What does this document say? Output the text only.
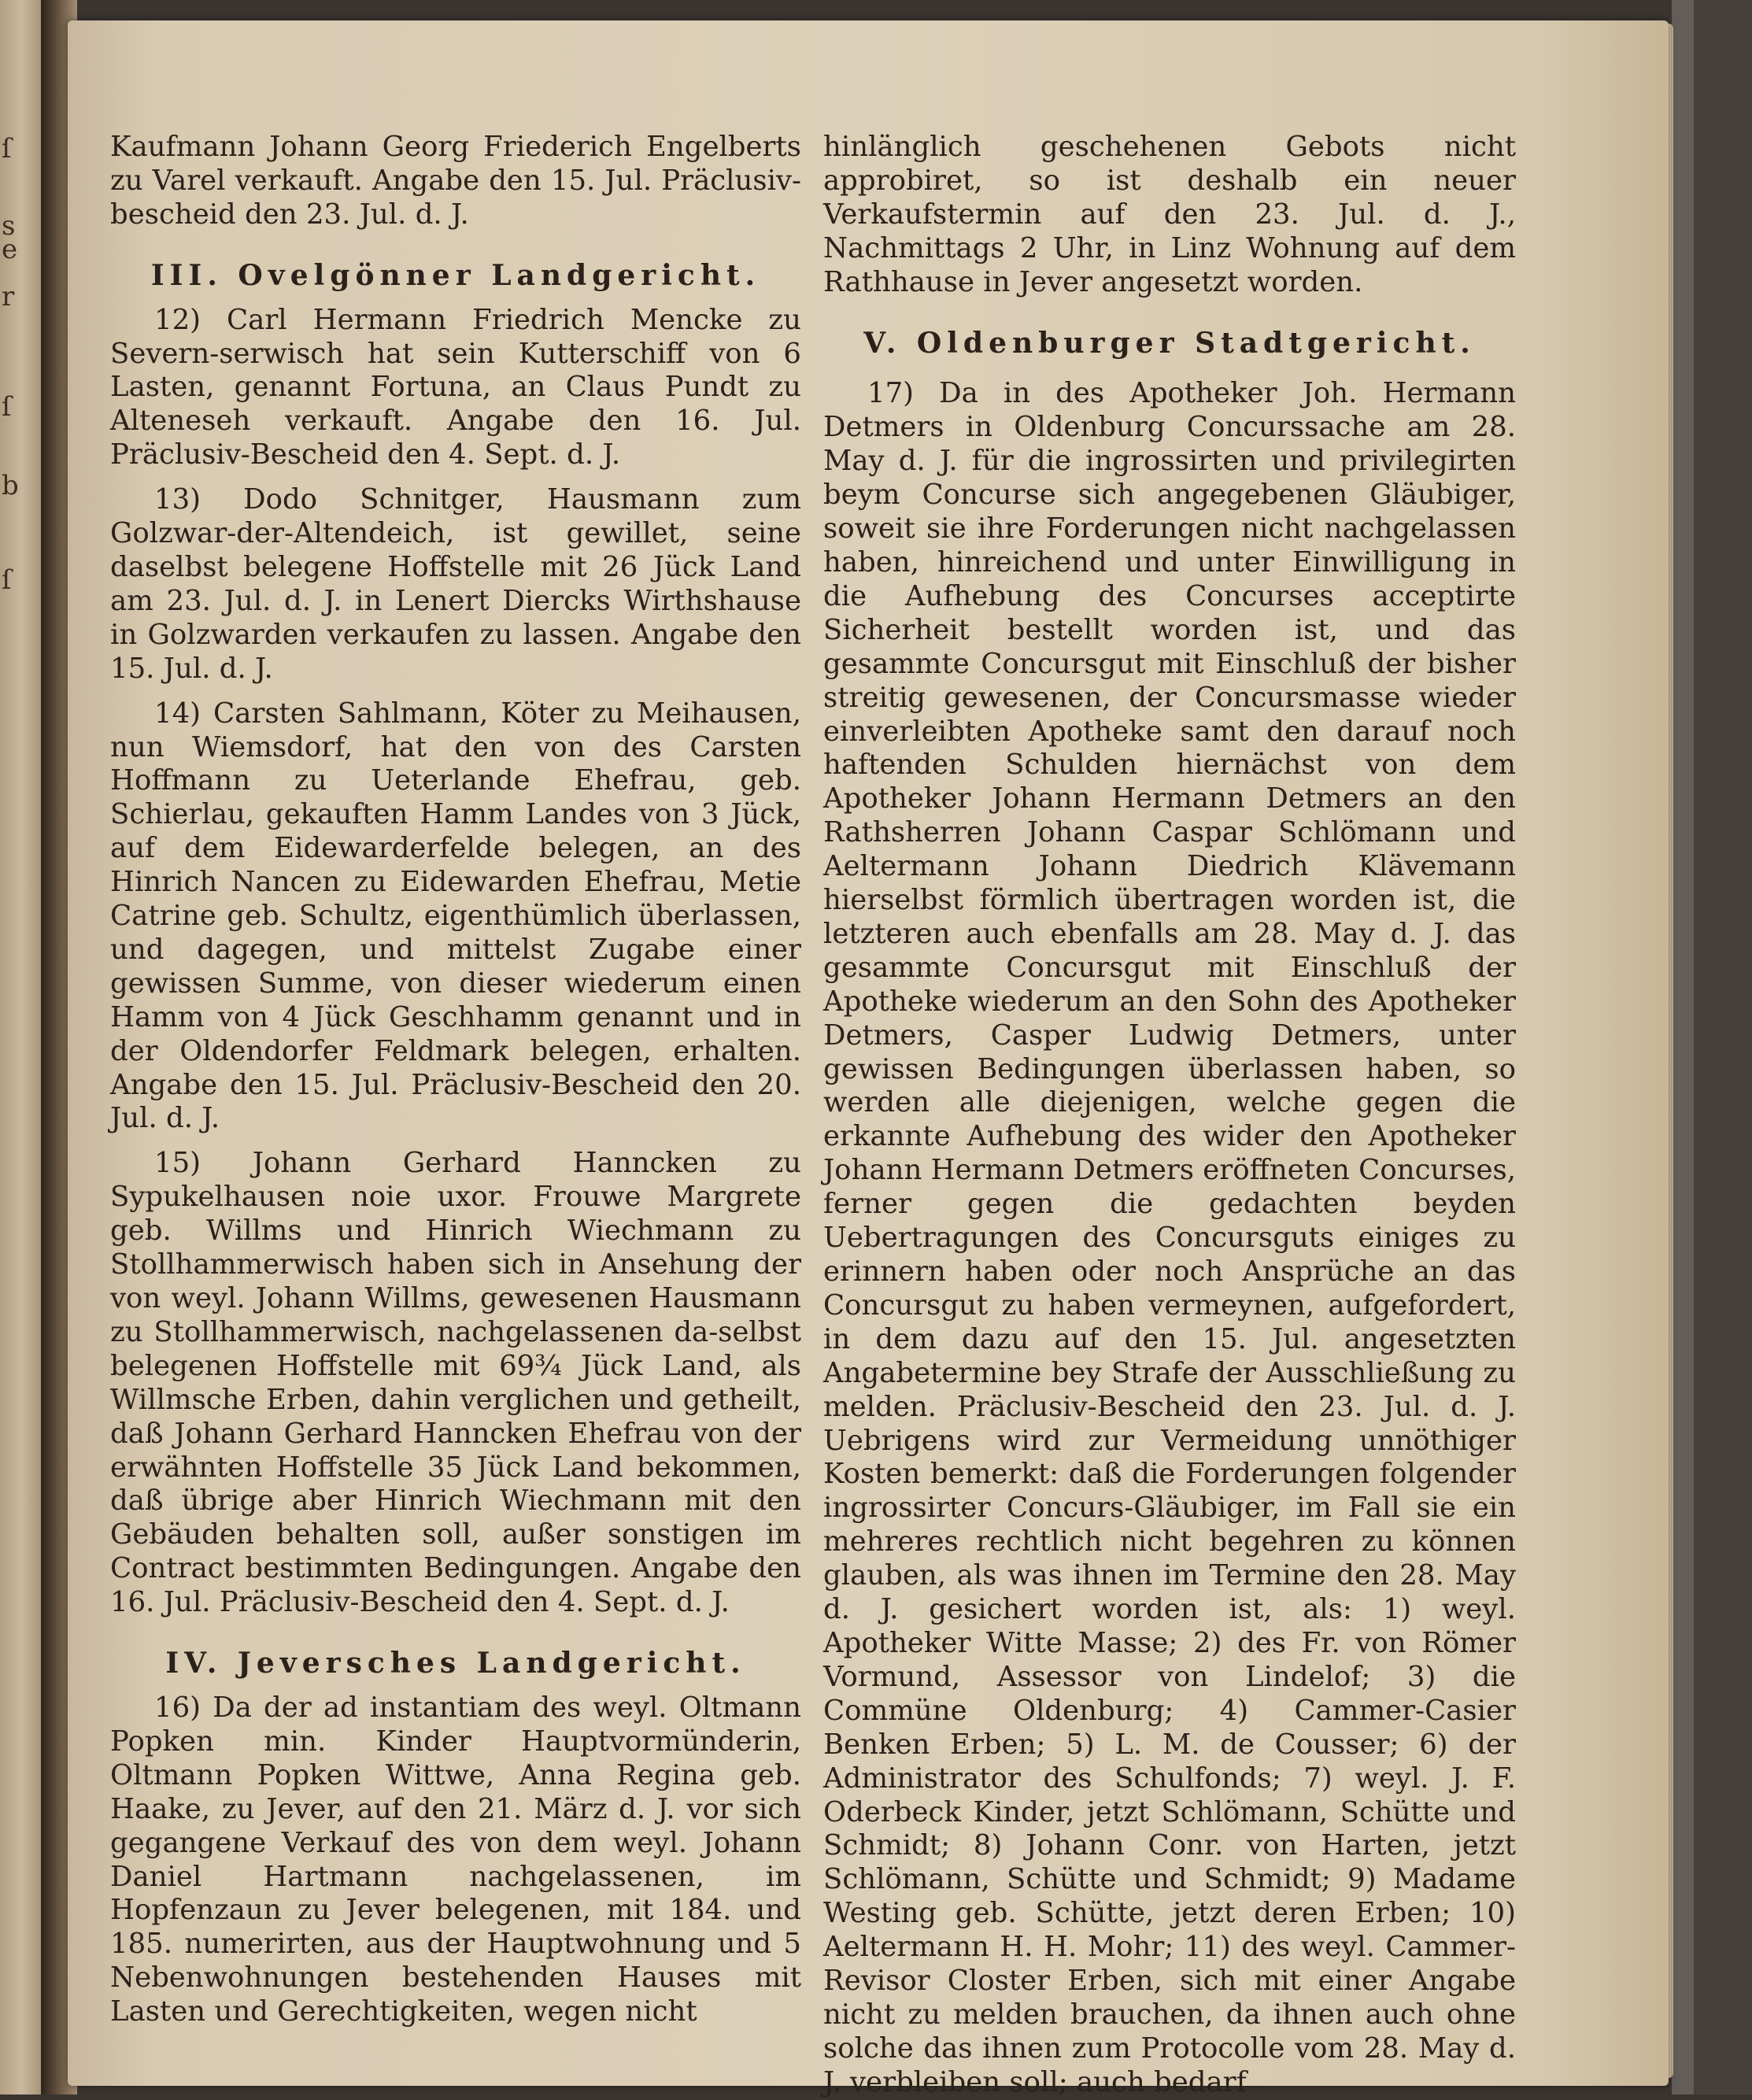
ſ
s
e
r
ſ
b
ſ

Kaufmann Johann Georg Friederich Engelberts zu Varel verkauft. Angabe den 15. Jul. Präclusiv-bescheid den 23. Jul. d. J.

III. Ovelgönner Landgericht.

12) Carl Hermann Friedrich Mencke zu Severn-serwisch hat sein Kutterschiff von 6 Lasten, genannt Fortuna, an Claus Pundt zu Alteneseh verkauft. Angabe den 16. Jul. Präclusiv-Bescheid den 4. Sept. d. J.

13) Dodo Schnitger, Hausmann zum Golzwar-der-Altendeich, ist gewillet, seine daselbst belegene Hoffstelle mit 26 Jück Land am 23. Jul. d. J. in Lenert Diercks Wirthshause in Golzwarden verkaufen zu lassen. Angabe den 15. Jul. d. J.

14) Carsten Sahlmann, Köter zu Meihausen, nun Wiemsdorf, hat den von des Carsten Hoffmann zu Ueterlande Ehefrau, geb. Schierlau, gekauften Hamm Landes von 3 Jück, auf dem Eidewarderfelde belegen, an des Hinrich Nancen zu Eidewarden Ehefrau, Metie Catrine geb. Schultz, eigenthümlich überlassen, und dagegen, und mittelst Zugabe einer gewissen Summe, von dieser wiederum einen Hamm von 4 Jück Geschhamm genannt und in der Oldendorfer Feldmark belegen, erhalten. Angabe den 15. Jul. Präclusiv-Bescheid den 20. Jul. d. J.

15) Johann Gerhard Hanncken zu Sypukelhausen noie uxor. Frouwe Margrete geb. Willms und Hinrich Wiechmann zu Stollhammerwisch haben sich in Ansehung der von weyl. Johann Willms, gewesenen Hausmann zu Stollhammerwisch, nachgelassenen da-selbst belegenen Hoffstelle mit 69¾ Jück Land, als Willmsche Erben, dahin verglichen und getheilt, daß Johann Gerhard Hanncken Ehefrau von der erwähnten Hoffstelle 35 Jück Land bekommen, daß übrige aber Hinrich Wiechmann mit den Gebäuden behalten soll, außer sonstigen im Contract bestimmten Bedingungen. Angabe den 16. Jul. Präclusiv-Bescheid den 4. Sept. d. J.

IV. Jeversches Landgericht.

16) Da der ad instantiam des weyl. Oltmann Popken min. Kinder Hauptvormünderin, Oltmann Popken Wittwe, Anna Regina geb. Haake, zu Jever, auf den 21. März d. J. vor sich gegangene Verkauf des von dem weyl. Johann Daniel Hartmann nachgelassenen, im Hopfenzaun zu Jever belegenen, mit 184. und 185. numerirten, aus der Hauptwohnung und 5 Nebenwohnungen bestehenden Hauses mit Lasten und Gerechtigkeiten, wegen nicht

hinlänglich geschehenen Gebots nicht approbiret, so ist deshalb ein neuer Verkaufstermin auf den 23. Jul. d. J., Nachmittags 2 Uhr, in Linz Wohnung auf dem Rathhause in Jever angesetzt worden.

V. Oldenburger Stadtgericht.

17) Da in des Apotheker Joh. Hermann Detmers in Oldenburg Concurssache am 28. May d. J. für die ingrossirten und privilegirten beym Concurse sich angegebenen Gläubiger, soweit sie ihre Forderungen nicht nachgelassen haben, hinreichend und unter Einwilligung in die Aufhebung des Concurses acceptirte Sicherheit bestellt worden ist, und das gesammte Concursgut mit Einschluß der bisher streitig gewesenen, der Concursmasse wieder einverleibten Apotheke samt den darauf noch haftenden Schulden hiernächst von dem Apotheker Johann Hermann Detmers an den Rathsherren Johann Caspar Schlömann und Aeltermann Johann Diedrich Klävemann hierselbst förmlich übertragen worden ist, die letzteren auch ebenfalls am 28. May d. J. das gesammte Concursgut mit Einschluß der Apotheke wiederum an den Sohn des Apotheker Detmers, Casper Ludwig Detmers, unter gewissen Bedingungen überlassen haben, so werden alle diejenigen, welche gegen die erkannte Aufhebung des wider den Apotheker Johann Hermann Detmers eröffneten Concurses, ferner gegen die gedachten beyden Uebertragungen des Concursguts einiges zu erinnern haben oder noch Ansprüche an das Concursgut zu haben vermeynen, aufgefordert, in dem dazu auf den 15. Jul. angesetzten Angabetermine bey Strafe der Ausschließung zu melden. Präclusiv-Bescheid den 23. Jul. d. J. Uebrigens wird zur Vermeidung unnöthiger Kosten bemerkt: daß die Forderungen folgender ingrossirter Concurs-Gläubiger, im Fall sie ein mehreres rechtlich nicht begehren zu können glauben, als was ihnen im Termine den 28. May d. J. gesichert worden ist, als: 1) weyl. Apotheker Witte Masse; 2) des Fr. von Römer Vormund, Assessor von Lindelof; 3) die Commüne Oldenburg; 4) Cammer-Casier Benken Erben; 5) L. M. de Cousser; 6) der Administrator des Schulfonds; 7) weyl. J. F. Oderbeck Kinder, jetzt Schlömann, Schütte und Schmidt; 8) Johann Conr. von Harten, jetzt Schlömann, Schütte und Schmidt; 9) Madame Westing geb. Schütte, jetzt deren Erben; 10) Aeltermann H. H. Mohr; 11) des weyl. Cammer-Revisor Closter Erben, sich mit einer Angabe nicht zu melden brauchen, da ihnen auch ohne solche das ihnen zum Protocolle vom 28. May d. J. verbleiben soll; auch bedarf
